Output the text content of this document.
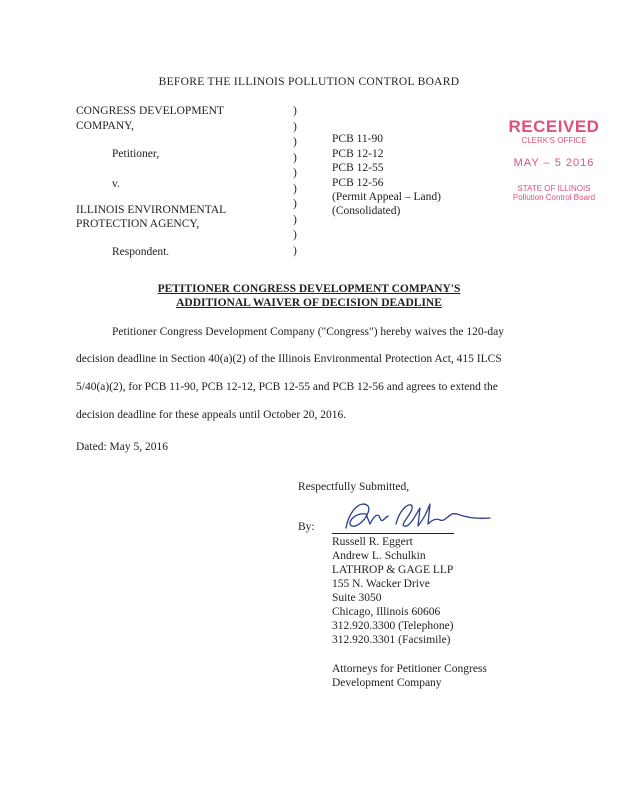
BEFORE THE ILLINOIS POLLUTION CONTROL BOARD
CONGRESS DEVELOPMENT
COMPANY,
Petitioner,
v.
ILLINOIS ENVIRONMENTAL
PROTECTION AGENCY,
Respondent.
)
)
)
)
)
)
)
)
)
)
PCB 11-90
PCB 12-12
PCB 12-55
PCB 12-56
(Permit Appeal – Land)
(Consolidated)
RECEIVED
CLERK'S OFFICE
MAY – 5 2016
STATE OF ILLINOIS
Pollution Control Board
PETITIONER CONGRESS DEVELOPMENT COMPANY'S
ADDITIONAL WAIVER OF DECISION DEADLINE
Petitioner Congress Development Company ("Congress") hereby waives the 120-day
decision deadline in Section 40(a)(2) of the Illinois Environmental Protection Act, 415 ILCS
5/40(a)(2), for PCB 11-90, PCB 12-12, PCB 12-55 and PCB 12-56 and agrees to extend the
decision deadline for these appeals until October 20, 2016.
Dated: May 5, 2016
Respectfully Submitted,
By:
Russell R. Eggert
Andrew L. Schulkin
LATHROP & GAGE LLP
155 N. Wacker Drive
Suite 3050
Chicago, Illinois 60606
312.920.3300 (Telephone)
312.920.3301 (Facsimile)
Attorneys for Petitioner Congress
Development Company
